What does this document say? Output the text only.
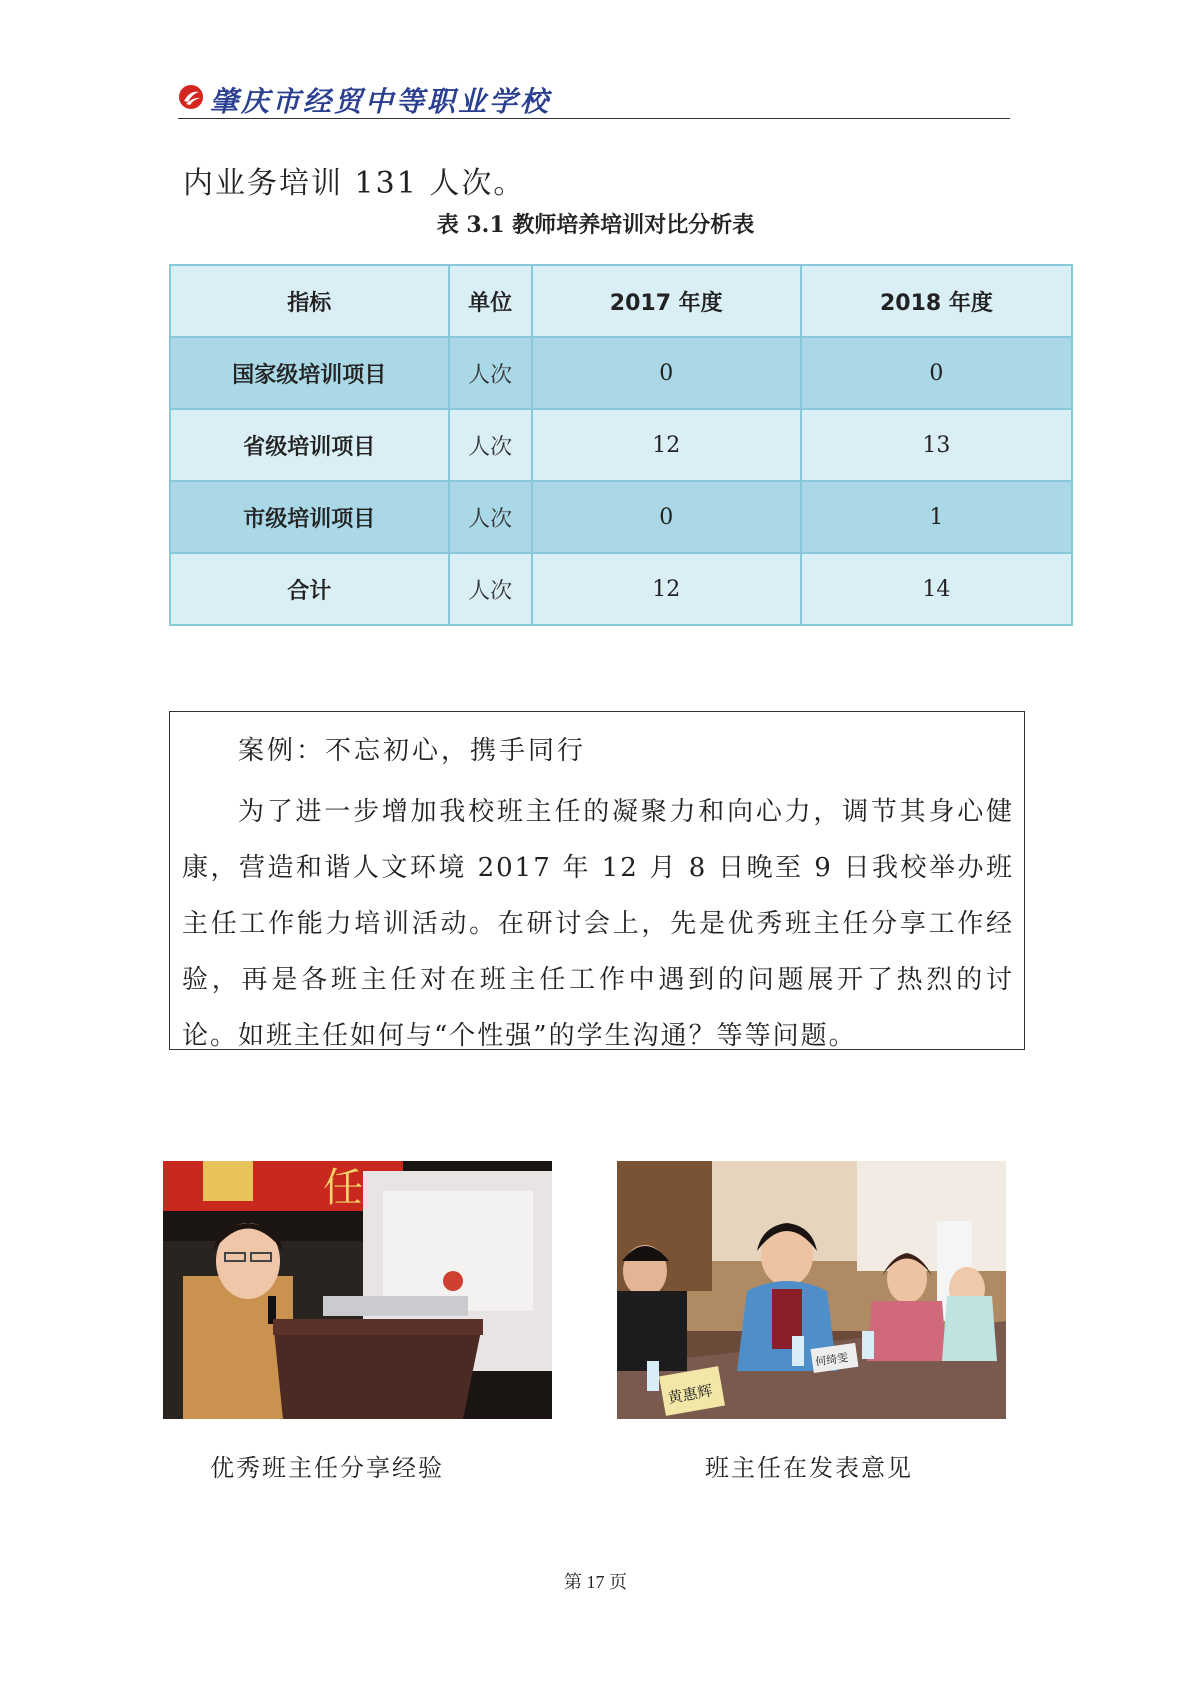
肇庆市经贸中等职业学校
内业务培训 131 人次。
表 3.1 教师培养培训对比分析表
指标	单位	2017 年度	2018 年度
国家级培训项目	人次	0	0
省级培训项目	人次	12	13
市级培训项目	人次	0	1
合计	人次	12	14
案例：不忘初心，携手同行
为了进一步增加我校班主任的凝聚力和向心力，调节其身心健康，营造和谐人文环境 2017 年 12 月 8 日晚至 9 日我校举办班主任工作能力培训活动。在研讨会上，先是优秀班主任分享工作经验，再是各班主任对在班主任工作中遇到的问题展开了热烈的讨论。如班主任如何与“个性强”的学生沟通？等等问题。
任
黄惠辉
何绮雯
优秀班主任分享经验	班主任在发表意见
第 17 页
